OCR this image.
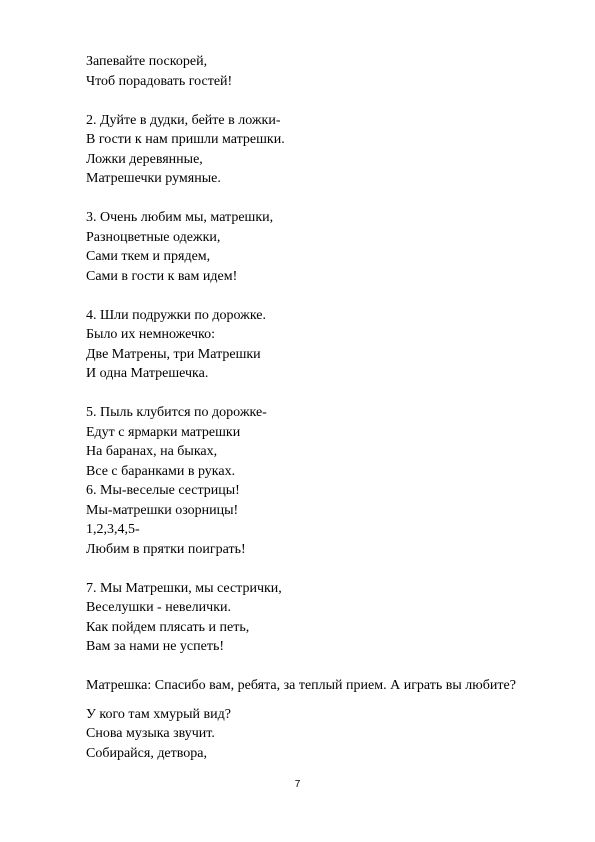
Запевайте поскорей,
Чтоб порадовать гостей!
2. Дуйте в дудки, бейте в ложки-
В гости к нам пришли матрешки.
Ложки деревянные,
Матрешечки румяные.
3. Очень любим мы, матрешки,
Разноцветные одежки,
Сами ткем и прядем,
Сами в гости к вам идем!
4. Шли подружки по дорожке.
Было их немножечко:
Две Матрены, три Матрешки
И одна Матрешечка.
5. Пыль клубится по дорожке-
Едут с ярмарки матрешки
На баранах, на быках,
Все с баранками в руках.
6. Мы-веселые сестрицы!
Мы-матрешки озорницы!
1,2,3,4,5-
Любим в прятки поиграть!
7. Мы Матрешки, мы сестрички,
Веселушки - невелички.
Как пойдем плясать и петь,
Вам за нами не успеть!
Матрешка: Спасибо вам, ребята, за теплый прием. А играть вы любите?
У кого там хмурый вид?
Снова музыка звучит.
Собирайся, детвора,
7
